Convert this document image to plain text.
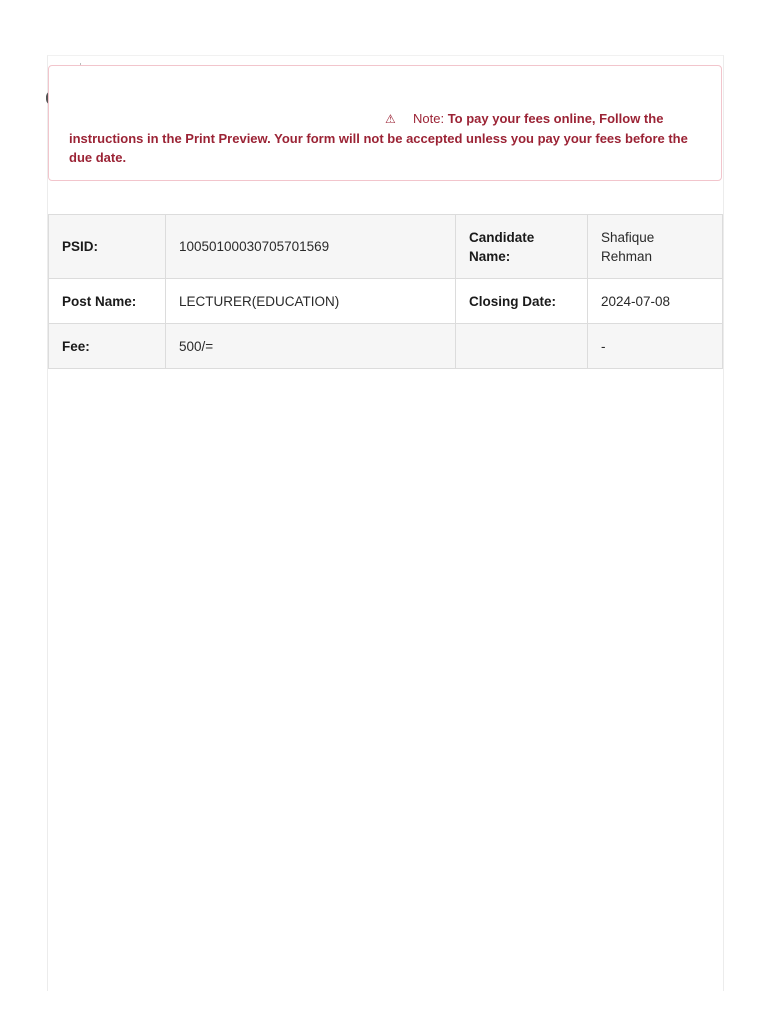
⚠ Note: To pay your fees online, Follow the instructions in the Print Preview. Your form will not be accepted unless you pay your fees before the due date.
PSID:	10050100030705701569	Candidate Name:	Shafique Rehman
Post Name:	LECTURER(EDUCATION)	Closing Date:	2024-07-08
Fee:	500/=		-
